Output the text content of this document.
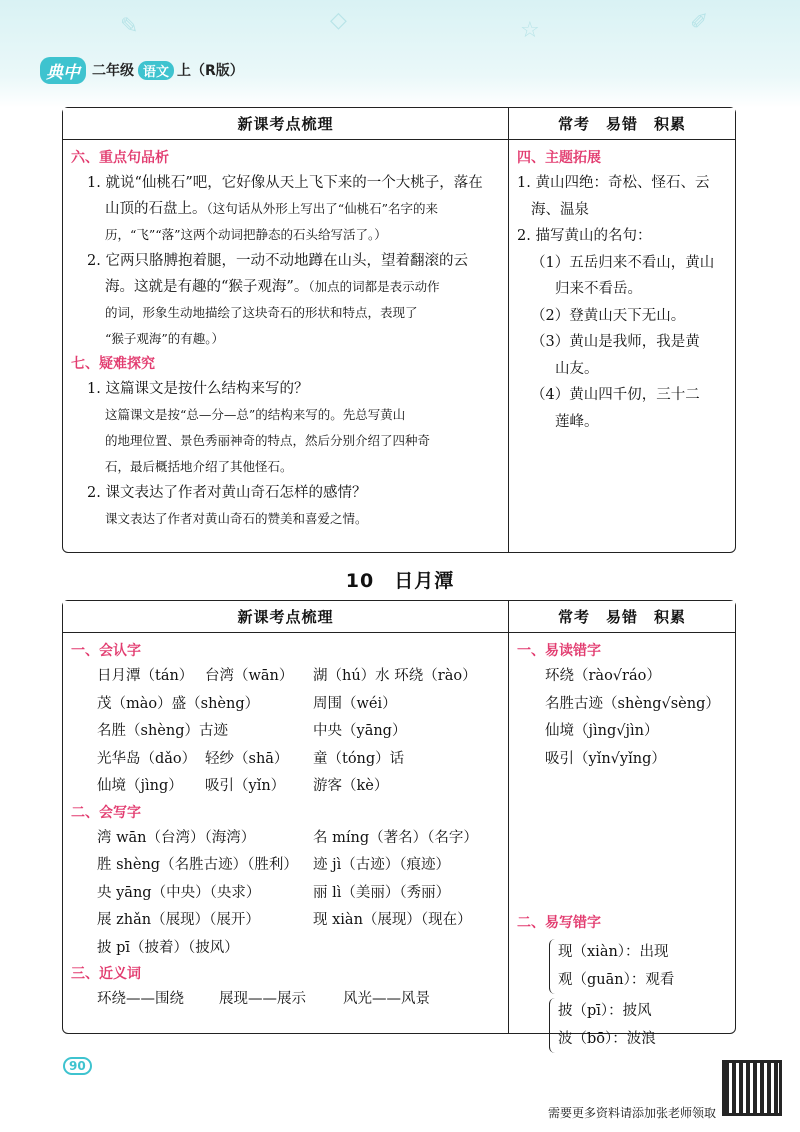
✎	◇	☆	✐
典中 二年级 语文 上（R版）
新课考点梳理	常考　易错　积累
六、重点句品析
1. 就说“仙桃石”吧，它好像从天上飞下来的一个大桃子，落在
山顶的石盘上。（这句话从外形上写出了“仙桃石”名字的来
历，“飞”“落”这两个动词把静态的石头给写活了。）
2. 它两只胳膊抱着腿，一动不动地蹲在山头，望着翻滚的云
海。这就是有趣的“猴子观海”。（加点的词都是表示动作
的词，形象生动地描绘了这块奇石的形状和特点，表现了
“猴子观海”的有趣。）
七、疑难探究
1. 这篇课文是按什么结构来写的？
这篇课文是按“总—分—总”的结构来写的。先总写黄山
的地理位置、景色秀丽神奇的特点，然后分别介绍了四种奇
石，最后概括地介绍了其他怪石。
2. 课文表达了作者对黄山奇石怎样的感情？
课文表达了作者对黄山奇石的赞美和喜爱之情。
四、主题拓展
1. 黄山四绝：奇松、怪石、云
海、温泉
2. 描写黄山的名句：
（1）五岳归来不看山，黄山
归来不看岳。
（2）登黄山天下无山。
（3）黄山是我师，我是黄
山友。
（4）黄山四千仞，三十二
莲峰。
10 日月潭
新课考点梳理	常考　易错　积累
一、会认字
日月潭（tán） 台湾（wān）	湖（hú）水 环绕（rào）
茂（mào）盛（shèng）	周围（wéi）
名胜（shèng）古迹	中央（yāng）
光华岛（dǎo） 轻纱（shā）	童（tóng）话
仙境（jìng）	吸引（yǐn）	游客（kè）
二、会写字
湾 wān（台湾）（海湾）	名 míng（著名）（名字）
胜 shèng（名胜古迹）（胜利）	迹 jì（古迹）（痕迹）
央 yāng（中央）（央求）	丽 lì（美丽）（秀丽）
展 zhǎn（展现）（展开）	现 xiàn（展现）（现在）
披 pī（披着）（披风）
三、近义词
环绕——围绕	展现——展示	风光——风景
一、易读错字
环绕（rào√ráo）
名胜古迹（shèng√sèng）
仙境（jìng√jìn）
吸引（yǐn√yǐng）
二、易写错字
现（xiàn）：出现
观（guān）：观看
披（pī）：披风
波（bō）：波浪
90
需要更多资料请添加张老师领取
